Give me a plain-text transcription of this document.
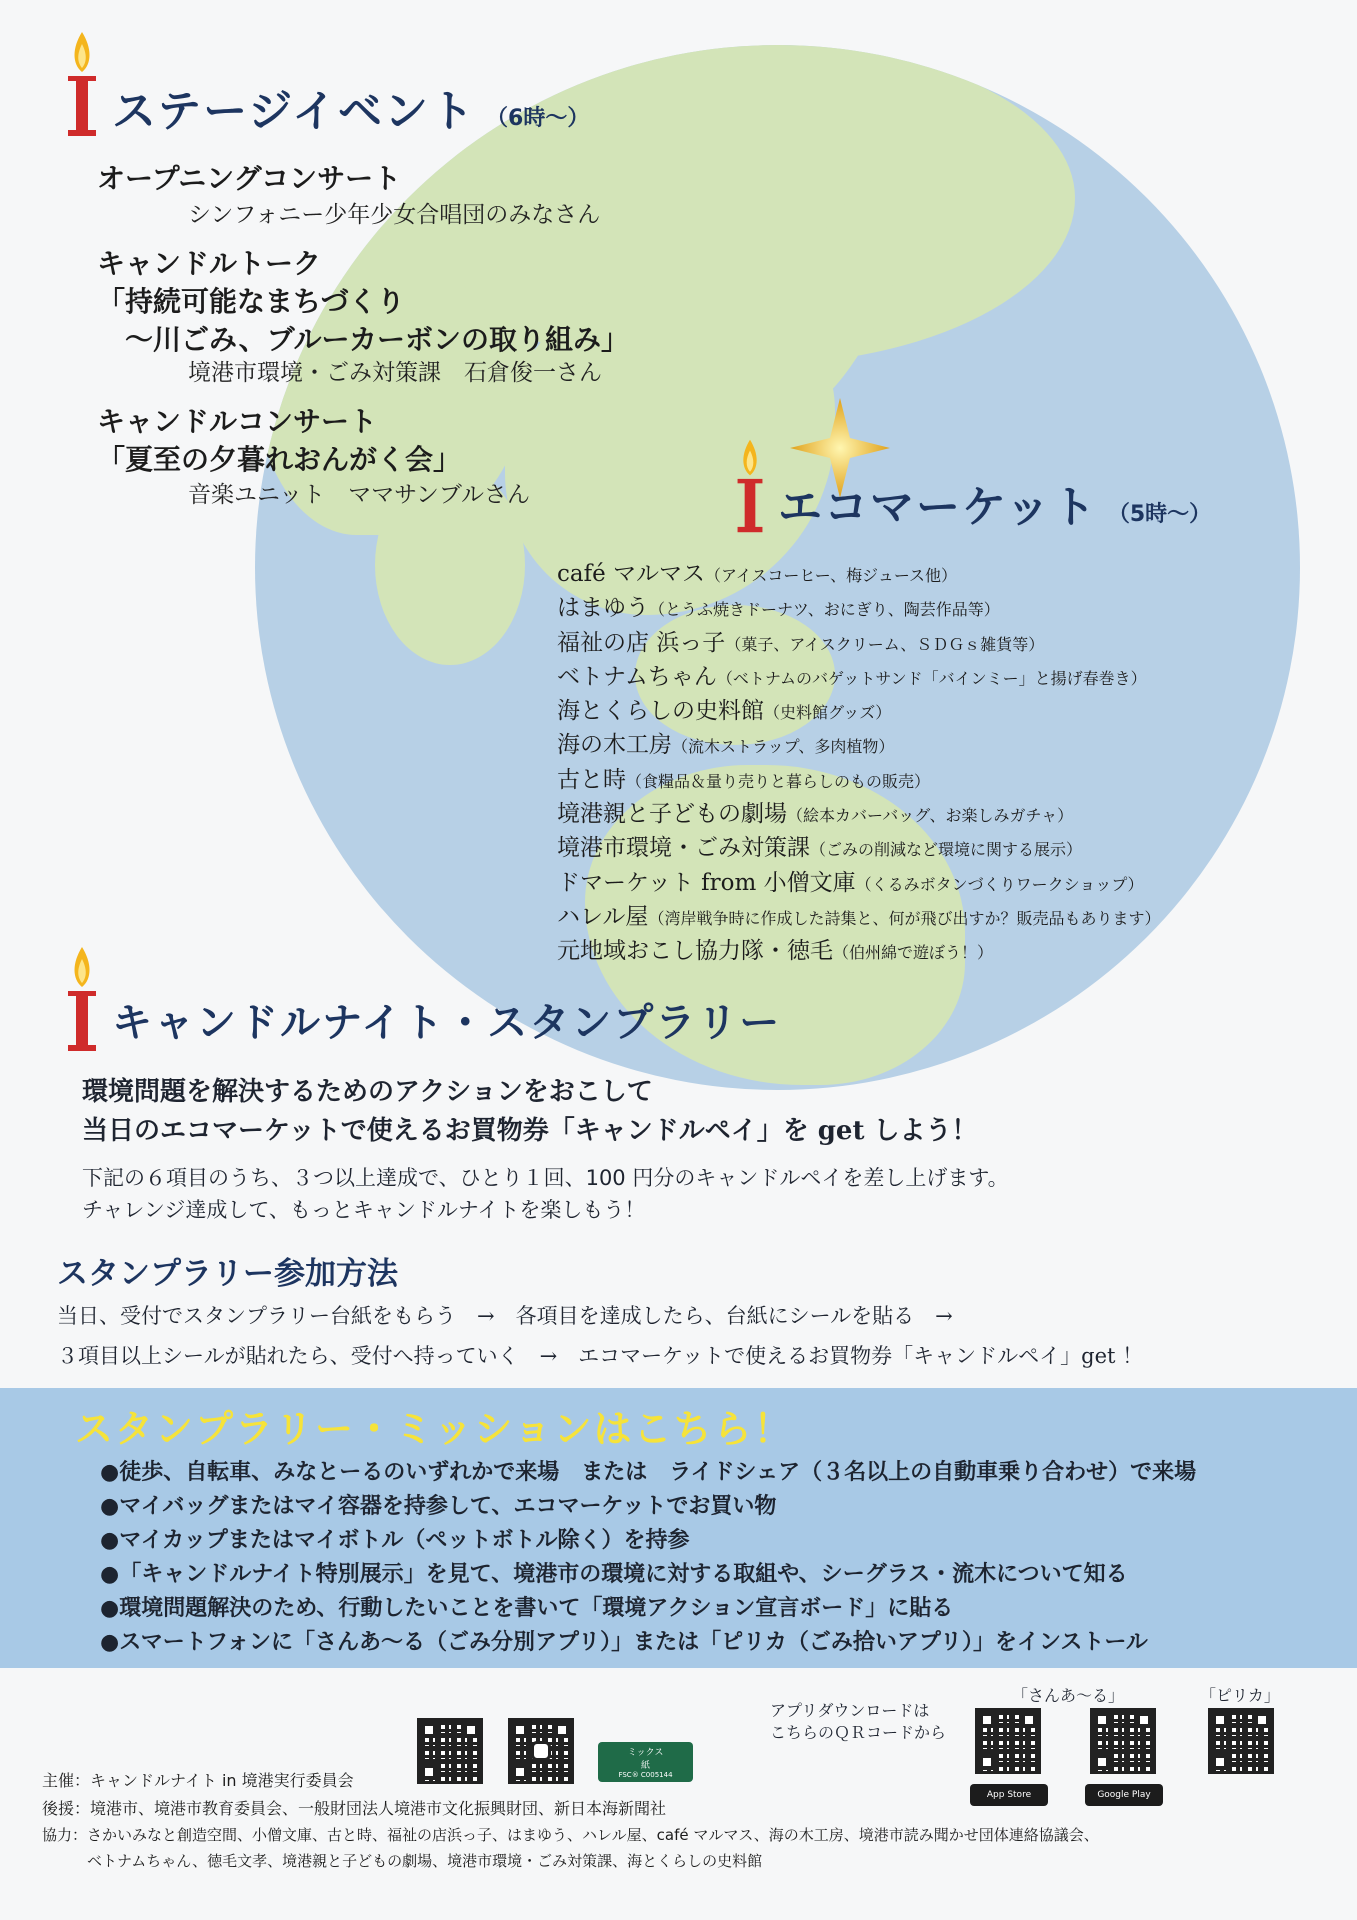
ステージイベント （6時〜）
オープニングコンサート
シンフォニー少年少女合唱団のみなさん
キャンドルトーク
「持続可能なまちづくり
　〜川ごみ、ブルーカーボンの取り組み」
境港市環境・ごみ対策課　石倉俊一さん
キャンドルコンサート
「夏至の夕暮れおんがく会」
音楽ユニット　ママサンブルさん	エコマーケット （5時〜）
café マルマス（アイスコーヒー、梅ジュース他）
はまゆう（とうふ焼きドーナツ、おにぎり、陶芸作品等）
福祉の店 浜っ子（菓子、アイスクリーム、ＳＤＧｓ雑貨等）
ベトナムちゃん（ベトナムのバゲットサンド「バインミー」と揚げ春巻き）
海とくらしの史料館（史料館グッズ）
海の木工房（流木ストラップ、多肉植物）
古と時（食糧品＆量り売りと暮らしのもの販売）
境港親と子どもの劇場（絵本カバーバッグ、お楽しみガチャ）
境港市環境・ごみ対策課（ごみの削減など環境に関する展示）
ドマーケット from 小僧文庫（くるみボタンづくりワークショップ）
ハレル屋（湾岸戦争時に作成した詩集と、何が飛び出すか？販売品もあります）
元地域おこし協力隊・徳毛（伯州綿で遊ぼう！）
キャンドルナイト・スタンプラリー
環境問題を解決するためのアクションをおこして
当日のエコマーケットで使えるお買物券「キャンドルペイ」を get しよう！
下記の６項目のうち、３つ以上達成で、ひとり１回、100 円分のキャンドルペイを差し上げます。
チャレンジ達成して、もっとキャンドルナイトを楽しもう！
スタンプラリー参加方法
当日、受付でスタンプラリー台紙をもらう　→　各項目を達成したら、台紙にシールを貼る　→
３項目以上シールが貼れたら、受付へ持っていく　→　エコマーケットで使えるお買物券「キャンドルペイ」get ！
スタンプラリー・ミッションはこちら！
●徒歩、自転車、みなとーるのいずれかで来場　または　ライドシェア（３名以上の自動車乗り合わせ）で来場
●マイバッグまたはマイ容器を持参して、エコマーケットでお買い物
●マイカップまたはマイボトル（ペットボトル除く）を持参
●「キャンドルナイト特別展示」を見て、境港市の環境に対する取組や、シーグラス・流木について知る
●環境問題解決のため、行動したいことを書いて「環境アクション宣言ボード」に貼る
●スマートフォンに「さんあ〜る（ごみ分別アプリ）」または「ピリカ（ごみ拾いアプリ）」をインストール
ミックス
紙
FSC® C005144
アプリダウンロードは
こちらのＱＲコードから
「さんあ〜る」	「ピリカ」
App Store	Google Play
主催：キャンドルナイト in 境港実行委員会
後援：境港市、境港市教育委員会、一般財団法人境港市文化振興財団、新日本海新聞社
協力：さかいみなと創造空間、小僧文庫、古と時、福祉の店浜っ子、はまゆう、ハレル屋、café マルマス、海の木工房、境港市読み聞かせ団体連絡協議会、
　　　ベトナムちゃん、徳毛文孝、境港親と子どもの劇場、境港市環境・ごみ対策課、海とくらしの史料館
